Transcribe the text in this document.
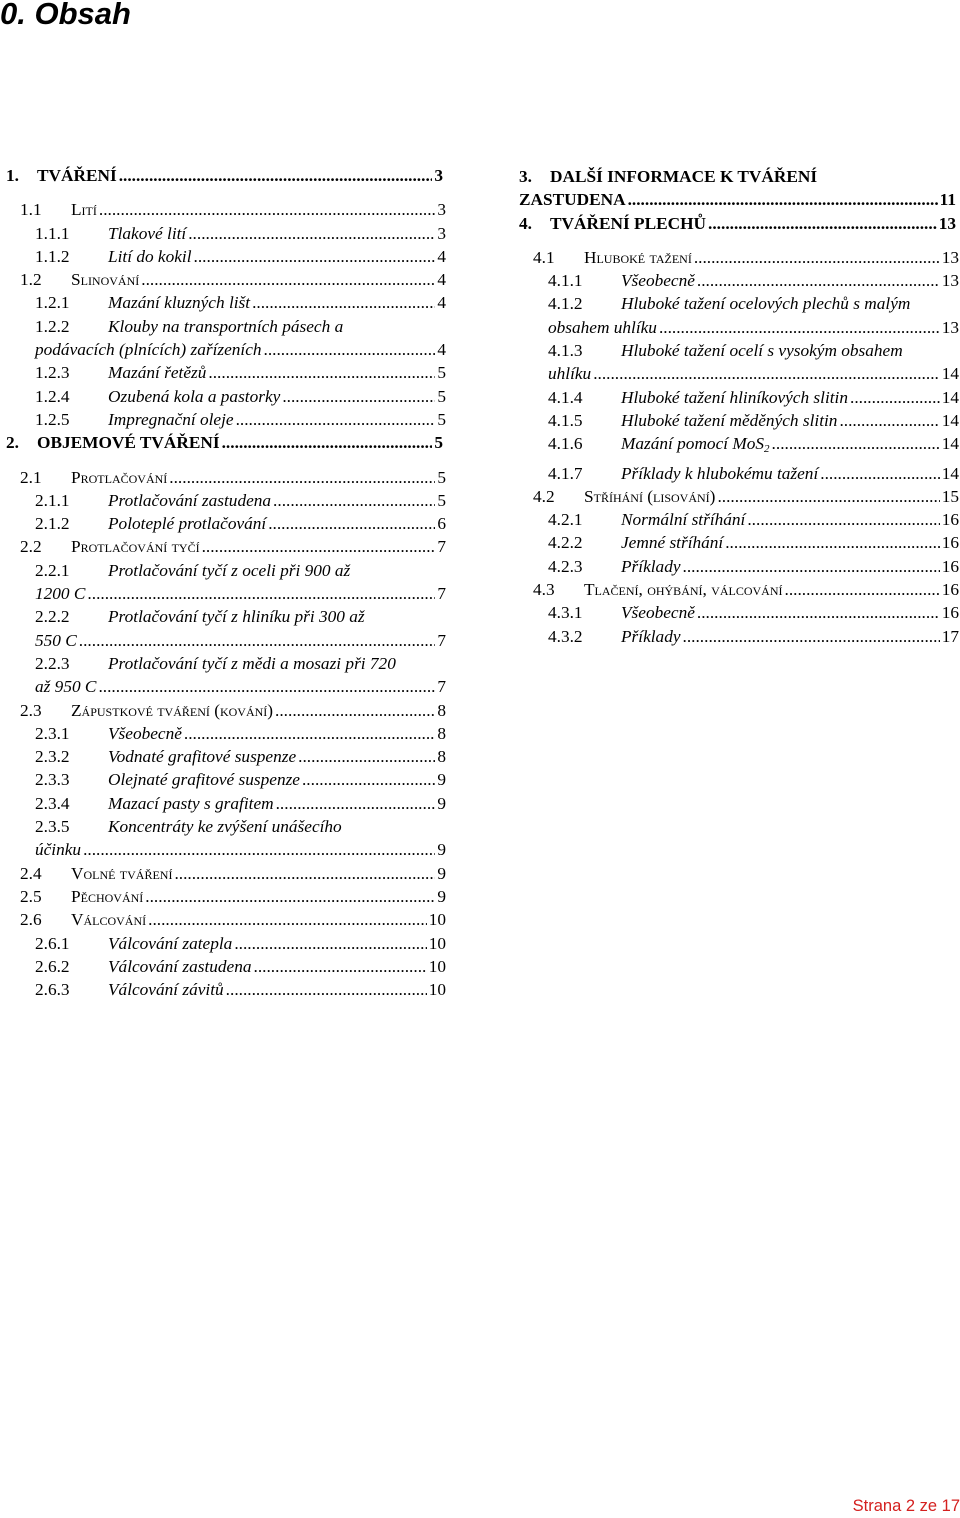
0. Obsah
1. TVÁŘENÍ .....	3
1.1 Lití .....	3
1.1.1 Tlakové lití .....	3
1.1.2 Lití do kokil .....	4
1.2 Slinování .....	4
1.2.1 Mazání kluzných lišt .....	4
1.2.2 Klouby na transportních pásech a
podávacích (plnících) zařízeních .....	4
1.2.3 Mazání řetězů .....	5
1.2.4 Ozubená kola a pastorky .....	5
1.2.5 Impregnační oleje .....	5
2. OBJEMOVÉ TVÁŘENÍ .....	5
2.1 Protlačování .....	5
2.1.1 Protlačování zastudena .....	5
2.1.2 Poloteplé protlačování .....	6
2.2 Protlačování tyčí .....	7
2.2.1 Protlačování tyčí z oceli při 900 až
1200 C .....	7
2.2.2 Protlačování tyčí z hliníku při 300 až
550 C .....	7
2.2.3 Protlačování tyčí z mědi a mosazi při 720
až 950 C .....	7
2.3 Zápustkové tváření (kování) .....	8
2.3.1 Všeobecně .....	8
2.3.2 Vodnaté grafitové suspenze .....	8
2.3.3 Olejnaté grafitové suspenze .....	9
2.3.4 Mazací pasty s grafitem .....	9
2.3.5 Koncentráty ke zvýšení unášecího
účinku .....	9
2.4 Volné tváření .....	9
2.5 Pěchování .....	9
2.6 Válcování .....	10
2.6.1 Válcování zatepla .....	10
2.6.2 Válcování zastudena .....	10
2.6.3 Válcování závitů .....	10
3. DALŠÍ INFORMACE K TVÁŘENÍ
ZASTUDENA .....	11
4. TVÁŘENÍ PLECHŮ .....	13
4.1 Hluboké tažení .....	13
4.1.1 Všeobecně .....	13
4.1.2 Hluboké tažení ocelových plechů s malým
obsahem uhlíku .....	13
4.1.3 Hluboké tažení ocelí s vysokým obsahem
uhlíku .....	14
4.1.4 Hluboké tažení hliníkových slitin .....	14
4.1.5 Hluboké tažení měděných slitin .....	14
4.1.6 Mazání pomocí MoS$_2$ .....	14
4.1.7 Příklady k hlubokému tažení .....	14
4.2 Stříhání (lisování) .....	15
4.2.1 Normální stříhání .....	16
4.2.2 Jemné stříhání .....	16
4.2.3 Příklady .....	16
4.3 Tlačení, ohýbání, válcování .....	16
4.3.1 Všeobecně .....	16
4.3.2 Příklady .....	17
Strana 2 ze 17
